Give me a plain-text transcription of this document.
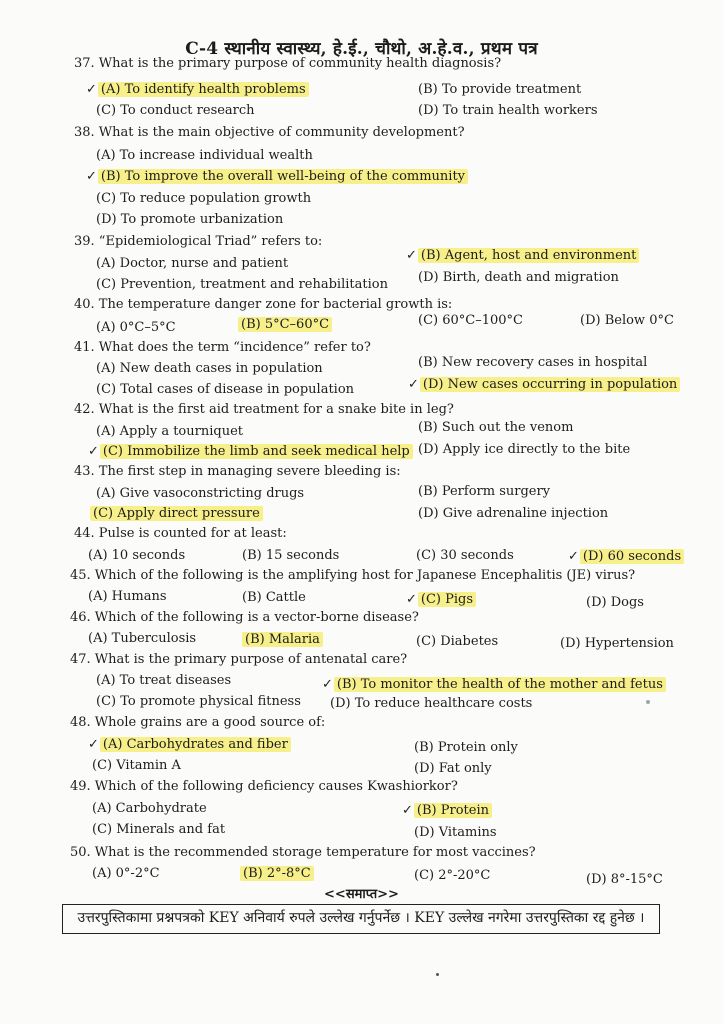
C-4 स्थानीय स्वास्थ्य, हे.ई., चौथो, अ.हे.व., प्रथम पत्र
37. What is the primary purpose of community health diagnosis?
✓ (A) To identify health problems	(B) To provide treatment
(C) To conduct research	(D) To train health workers
38. What is the main objective of community development?
(A) To increase individual wealth
✓ (B) To improve the overall well-being of the community
(C) To reduce population growth
(D) To promote urbanization
39. “Epidemiological Triad” refers to:
(A) Doctor, nurse and patient
✓ (B) Agent, host and environment
(C) Prevention, treatment and rehabilitation (D) Birth, death and migration
40. The temperature danger zone for bacterial growth is:
(A) 0°C–5°C	(B) 5°C–60°C	(C) 60°C–100°C	(D) Below 0°C
41. What does the term “incidence” refer to?
(A) New death cases in population	(B) New recovery cases in hospital
(C) Total cases of disease in population	✓ (D) New cases occurring in population
42. What is the first aid treatment for a snake bite in leg?
(A) Apply a tourniquet	(B) Such out the venom
✓ (C) Immobilize the limb and seek medical help (D) Apply ice directly to the bite
43. The first step in managing severe bleeding is:
(A) Give vasoconstricting drugs	(B) Perform surgery
(C) Apply direct pressure	(D) Give adrenaline injection
44. Pulse is counted for at least:
(A) 10 seconds	(B) 15 seconds	(C) 30 seconds	✓ (D) 60 seconds
45. Which of the following is the amplifying host for Japanese Encephalitis (JE) virus?
(A) Humans	(B) Cattle	✓ (C) Pigs	(D) Dogs
46. Which of the following is a vector-borne disease?
(A) Tuberculosis	(B) Malaria	(C) Diabetes	(D) Hypertension
47. What is the primary purpose of antenatal care?
(A) To treat diseases	✓ (B) To monitor the health of the mother and fetus
(C) To promote physical fitness (D) To reduce healthcare costs
48. Whole grains are a good source of:
✓ (A) Carbohydrates and fiber	(B) Protein only
(C) Vitamin A	(D) Fat only
49. Which of the following deficiency causes Kwashiorkor?
(A) Carbohydrate	✓ (B) Protein
(C) Minerals and fat	(D) Vitamins
50. What is the recommended storage temperature for most vaccines?
(A) 0°-2°C	(B) 2°-8°C	(C) 2°-20°C	(D) 8°-15°C
<<समाप्त>>
उत्तरपुस्तिकामा प्रश्नपत्रको KEY अनिवार्य रुपले उल्लेख गर्नुपर्नेछ । KEY उल्लेख नगरेमा उत्तरपुस्तिका रद्द हुनेछ ।
